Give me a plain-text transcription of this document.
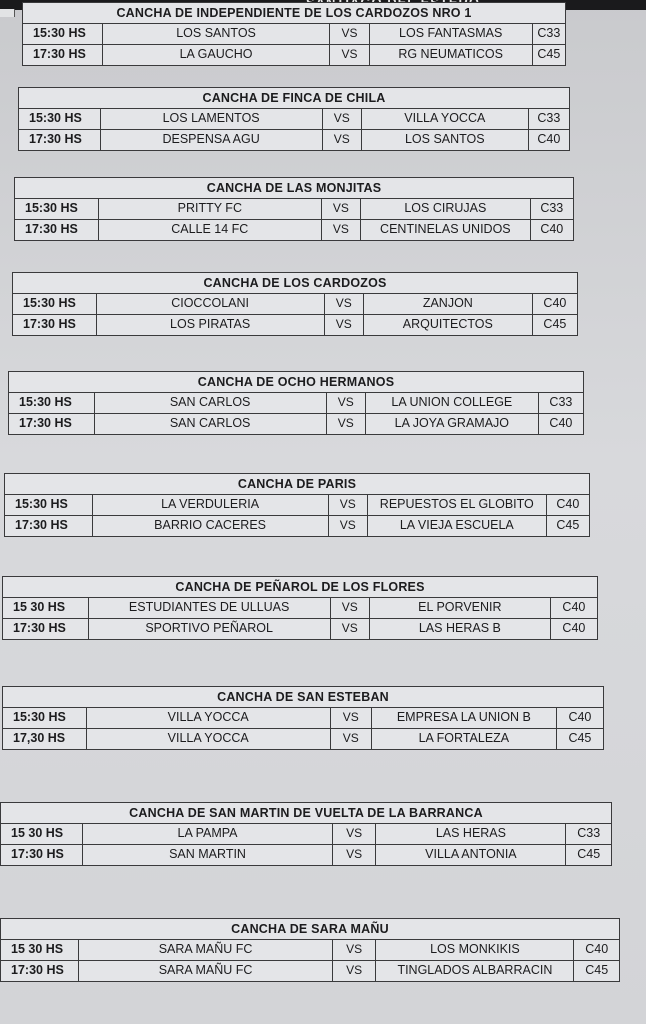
CANCHA DE INDEPENDIENTE DE LOS CARDOZOS NRO 1
15:30 HS	LOS SANTOS	VS	LOS FANTASMAS	C33
17:30 HS	LA GAUCHO	VS	RG NEUMATICOS	C45
CANCHA DE FINCA DE CHILA
15:30 HS	LOS LAMENTOS	VS	VILLA YOCCA	C33
17:30 HS	DESPENSA AGU	VS	LOS SANTOS	C40
CANCHA DE LAS MONJITAS
15:30 HS	PRITTY FC	VS	LOS CIRUJAS	C33
17:30 HS	CALLE 14 FC	VS	CENTINELAS UNIDOS	C40
CANCHA DE LOS CARDOZOS
15:30 HS	CIOCCOLANI	VS	ZANJON	C40
17:30 HS	LOS PIRATAS	VS	ARQUITECTOS	C45
CANCHA DE OCHO HERMANOS
15:30 HS	SAN CARLOS	VS	LA UNION COLLEGE	C33
17:30 HS	SAN CARLOS	VS	LA JOYA GRAMAJO	C40
CANCHA DE PARIS
15:30 HS	LA VERDULERIA	VS	REPUESTOS EL GLOBITO	C40
17:30 HS	BARRIO CACERES	VS	LA VIEJA ESCUELA	C45
CANCHA DE PEÑAROL DE LOS FLORES
15 30 HS	ESTUDIANTES DE ULLUAS	VS	EL PORVENIR	C40
17:30 HS	SPORTIVO PEÑAROL	VS	LAS HERAS B	C40
CANCHA DE SAN ESTEBAN
15:30 HS	VILLA YOCCA	VS	EMPRESA LA UNION B	C40
17,30 HS	VILLA YOCCA	VS	LA FORTALEZA	C45
CANCHA DE SAN MARTIN DE VUELTA DE LA BARRANCA
15 30 HS	LA PAMPA	VS	LAS HERAS	C33
17:30 HS	SAN MARTIN	VS	VILLA ANTONIA	C45
CANCHA DE SARA MAÑU
15 30 HS	SARA MAÑU FC	VS	LOS MONKIKIS	C40
17:30 HS	SARA MAÑU FC	VS	TINGLADOS ALBARRACIN	C45
